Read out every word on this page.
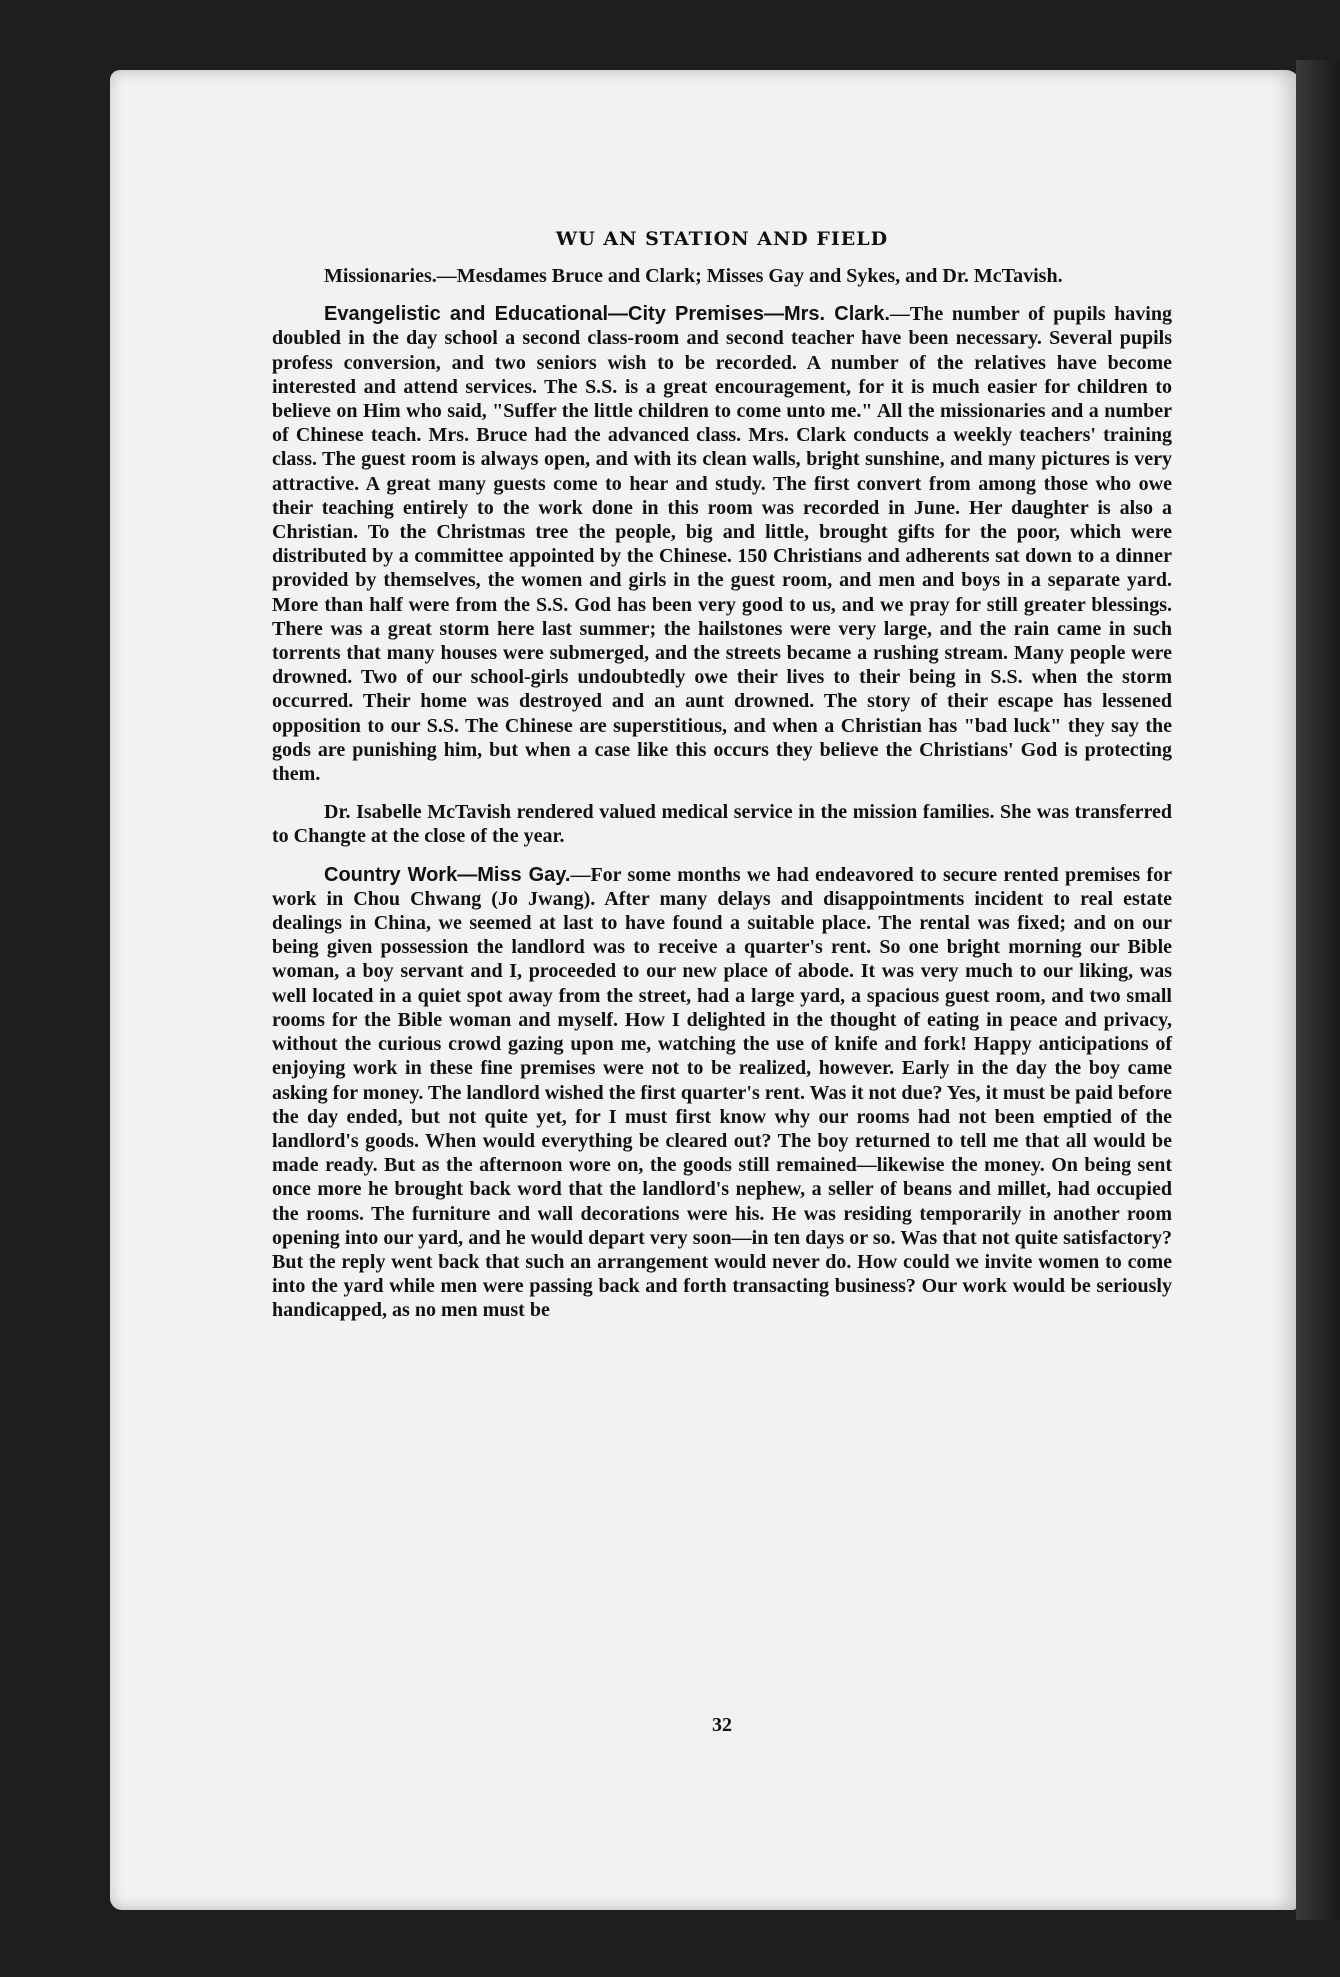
WU AN STATION AND FIELD

Missionaries.—Mesdames Bruce and Clark; Misses Gay and Sykes, and Dr. McTavish.

Evangelistic and Educational—City Premises—Mrs. Clark.—The number of pupils having doubled in the day school a second class-room and second teacher have been necessary. Several pupils profess conversion, and two seniors wish to be recorded. A number of the relatives have become interested and attend services. The S.S. is a great encouragement, for it is much easier for children to believe on Him who said, "Suffer the little children to come unto me." All the missionaries and a number of Chinese teach. Mrs. Bruce had the advanced class. Mrs. Clark conducts a weekly teachers' training class. The guest room is always open, and with its clean walls, bright sunshine, and many pictures is very attractive. A great many guests come to hear and study. The first convert from among those who owe their teaching entirely to the work done in this room was recorded in June. Her daughter is also a Christian. To the Christmas tree the people, big and little, brought gifts for the poor, which were distributed by a committee appointed by the Chinese. 150 Christians and adherents sat down to a dinner provided by themselves, the women and girls in the guest room, and men and boys in a separate yard. More than half were from the S.S. God has been very good to us, and we pray for still greater blessings. There was a great storm here last summer; the hailstones were very large, and the rain came in such torrents that many houses were submerged, and the streets became a rushing stream. Many people were drowned. Two of our school-girls undoubtedly owe their lives to their being in S.S. when the storm occurred. Their home was destroyed and an aunt drowned. The story of their escape has lessened opposition to our S.S. The Chinese are superstitious, and when a Christian has "bad luck" they say the gods are punishing him, but when a case like this occurs they believe the Christians' God is protecting them.

Dr. Isabelle McTavish rendered valued medical service in the mission families. She was transferred to Changte at the close of the year.

Country Work—Miss Gay.—For some months we had endeavored to secure rented premises for work in Chou Chwang (Jo Jwang). After many delays and disappointments incident to real estate dealings in China, we seemed at last to have found a suitable place. The rental was fixed; and on our being given possession the landlord was to receive a quarter's rent. So one bright morning our Bible woman, a boy servant and I, proceeded to our new place of abode. It was very much to our liking, was well located in a quiet spot away from the street, had a large yard, a spacious guest room, and two small rooms for the Bible woman and myself. How I delighted in the thought of eating in peace and privacy, without the curious crowd gazing upon me, watching the use of knife and fork! Happy anticipations of enjoying work in these fine premises were not to be realized, however. Early in the day the boy came asking for money. The landlord wished the first quarter's rent. Was it not due? Yes, it must be paid before the day ended, but not quite yet, for I must first know why our rooms had not been emptied of the landlord's goods. When would everything be cleared out? The boy returned to tell me that all would be made ready. But as the afternoon wore on, the goods still remained—likewise the money. On being sent once more he brought back word that the landlord's nephew, a seller of beans and millet, had occupied the rooms. The furniture and wall decorations were his. He was residing temporarily in another room opening into our yard, and he would depart very soon—in ten days or so. Was that not quite satisfactory? But the reply went back that such an arrangement would never do. How could we invite women to come into the yard while men were passing back and forth transacting business? Our work would be seriously handicapped, as no men must be

32
